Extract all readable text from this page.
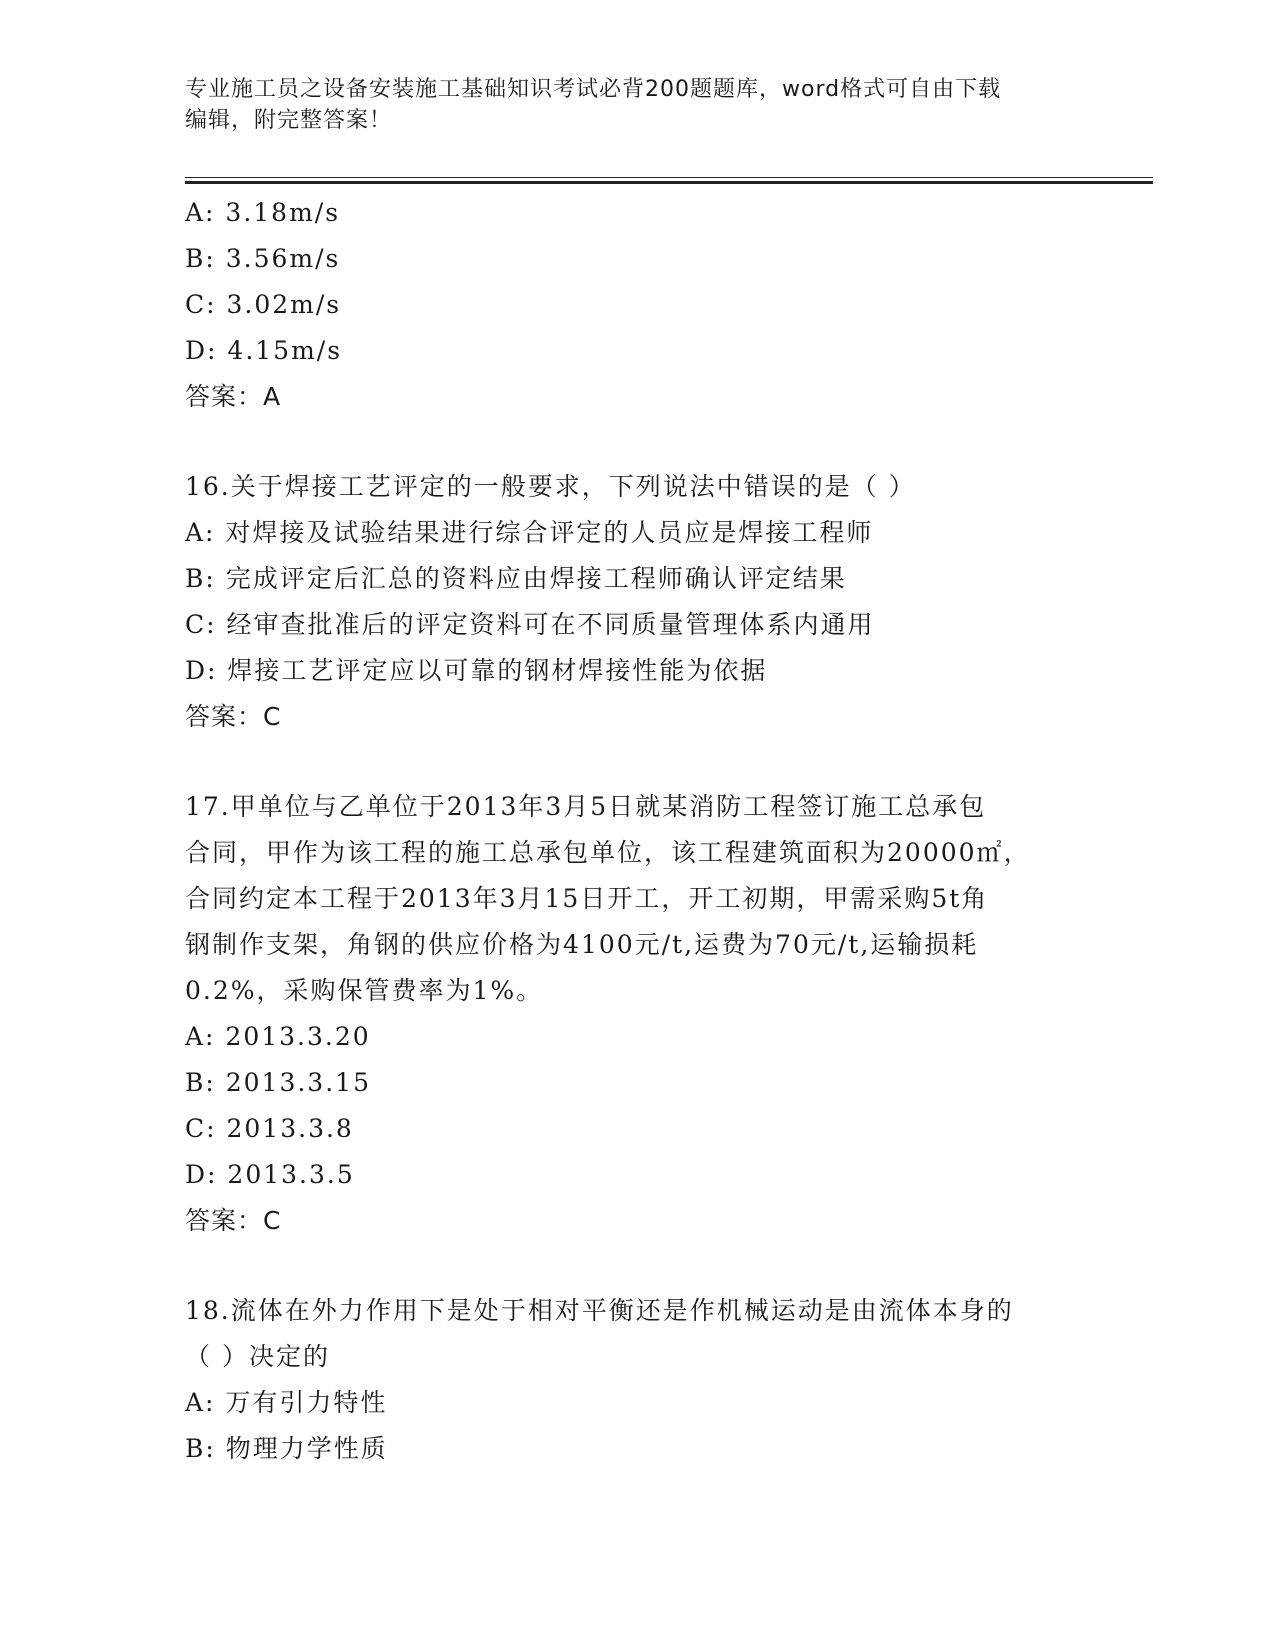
专业施工员之设备安装施工基础知识考试必背200题题库，word格式可自由下载
编辑，附完整答案！
A: 3.18m/s
B: 3.56m/s
C: 3.02m/s
D: 4.15m/s
答案：A
16.关于焊接工艺评定的一般要求，下列说法中错误的是（ ）
A: 对焊接及试验结果进行综合评定的人员应是焊接工程师
B: 完成评定后汇总的资料应由焊接工程师确认评定结果
C: 经审查批准后的评定资料可在不同质量管理体系内通用
D: 焊接工艺评定应以可靠的钢材焊接性能为依据
答案：C
17.甲单位与乙单位于2013年3月5日就某消防工程签订施工总承包
合同，甲作为该工程的施工总承包单位，该工程建筑面积为20000㎡，
合同约定本工程于2013年3月15日开工，开工初期，甲需采购5t角
钢制作支架，角钢的供应价格为4100元/t,运费为70元/t,运输损耗
0.2%，采购保管费率为1%。
A: 2013.3.20
B: 2013.3.15
C: 2013.3.8
D: 2013.3.5
答案：C
18.流体在外力作用下是处于相对平衡还是作机械运动是由流体本身的
（ ）决定的
A: 万有引力特性
B: 物理力学性质
